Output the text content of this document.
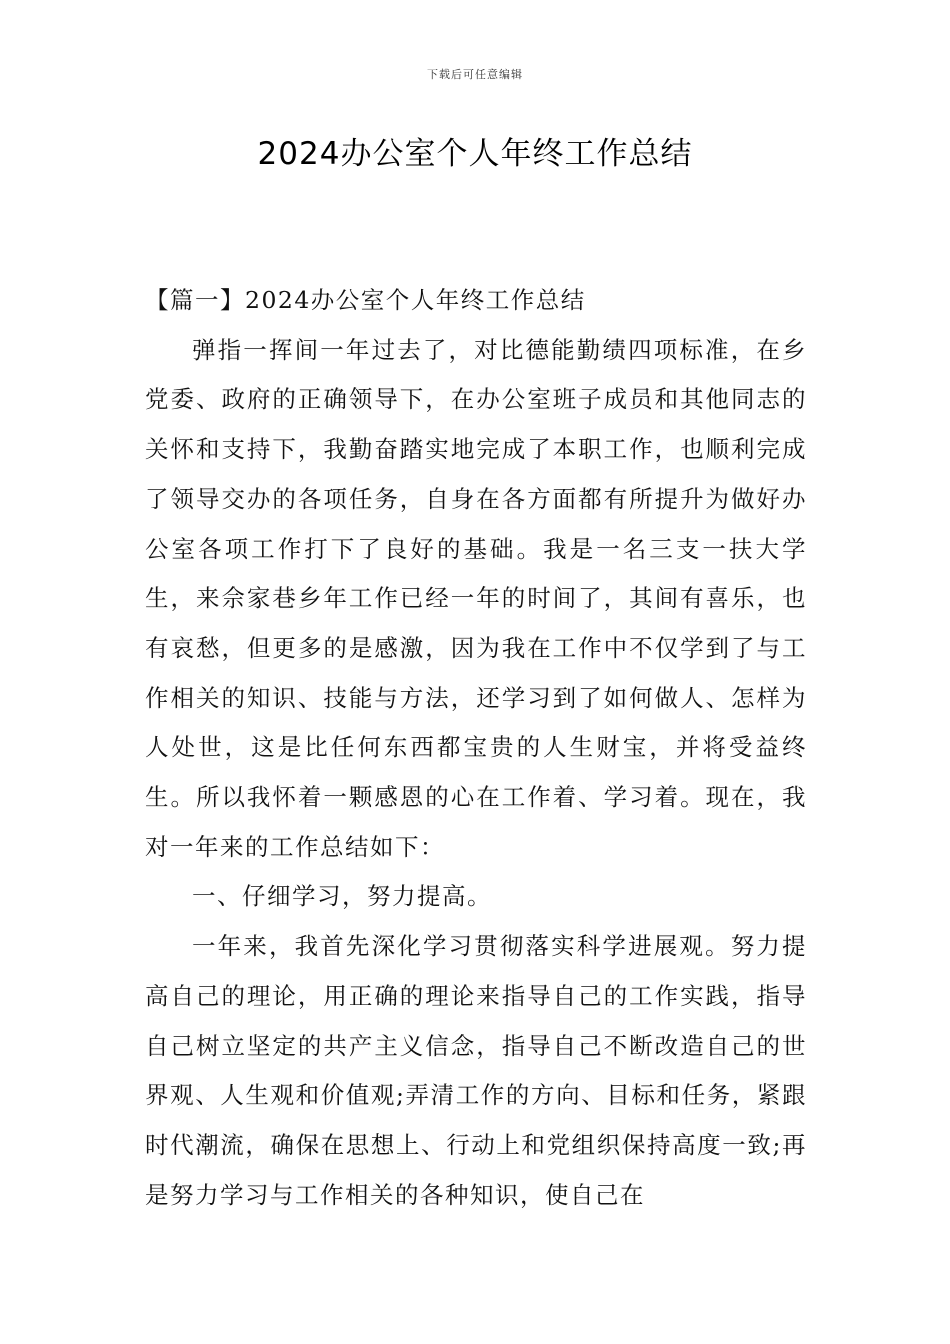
下载后可任意编辑
2024办公室个人年终工作总结

【篇一】2024办公室个人年终工作总结

弹指一挥间一年过去了，对比德能勤绩四项标准，在乡党委、政府的正确领导下，在办公室班子成员和其他同志的关怀和支持下，我勤奋踏实地完成了本职工作，也顺利完成了领导交办的各项任务，自身在各方面都有所提升为做好办公室各项工作打下了良好的基础。我是一名三支一扶大学生，来佘家巷乡年工作已经一年的时间了，其间有喜乐，也有哀愁，但更多的是感激，因为我在工作中不仅学到了与工作相关的知识、技能与方法，还学习到了如何做人、怎样为人处世，这是比任何东西都宝贵的人生财宝，并将受益终生。所以我怀着一颗感恩的心在工作着、学习着。现在，我对一年来的工作总结如下：

一、仔细学习，努力提高。

一年来，我首先深化学习贯彻落实科学进展观。努力提高自己的理论，用正确的理论来指导自己的工作实践，指导自己树立坚定的共产主义信念，指导自己不断改造自己的世界观、人生观和价值观;弄清工作的方向、目标和任务，紧跟时代潮流，确保在思想上、行动上和党组织保持高度一致;再是努力学习与工作相关的各种知识，使自己在
